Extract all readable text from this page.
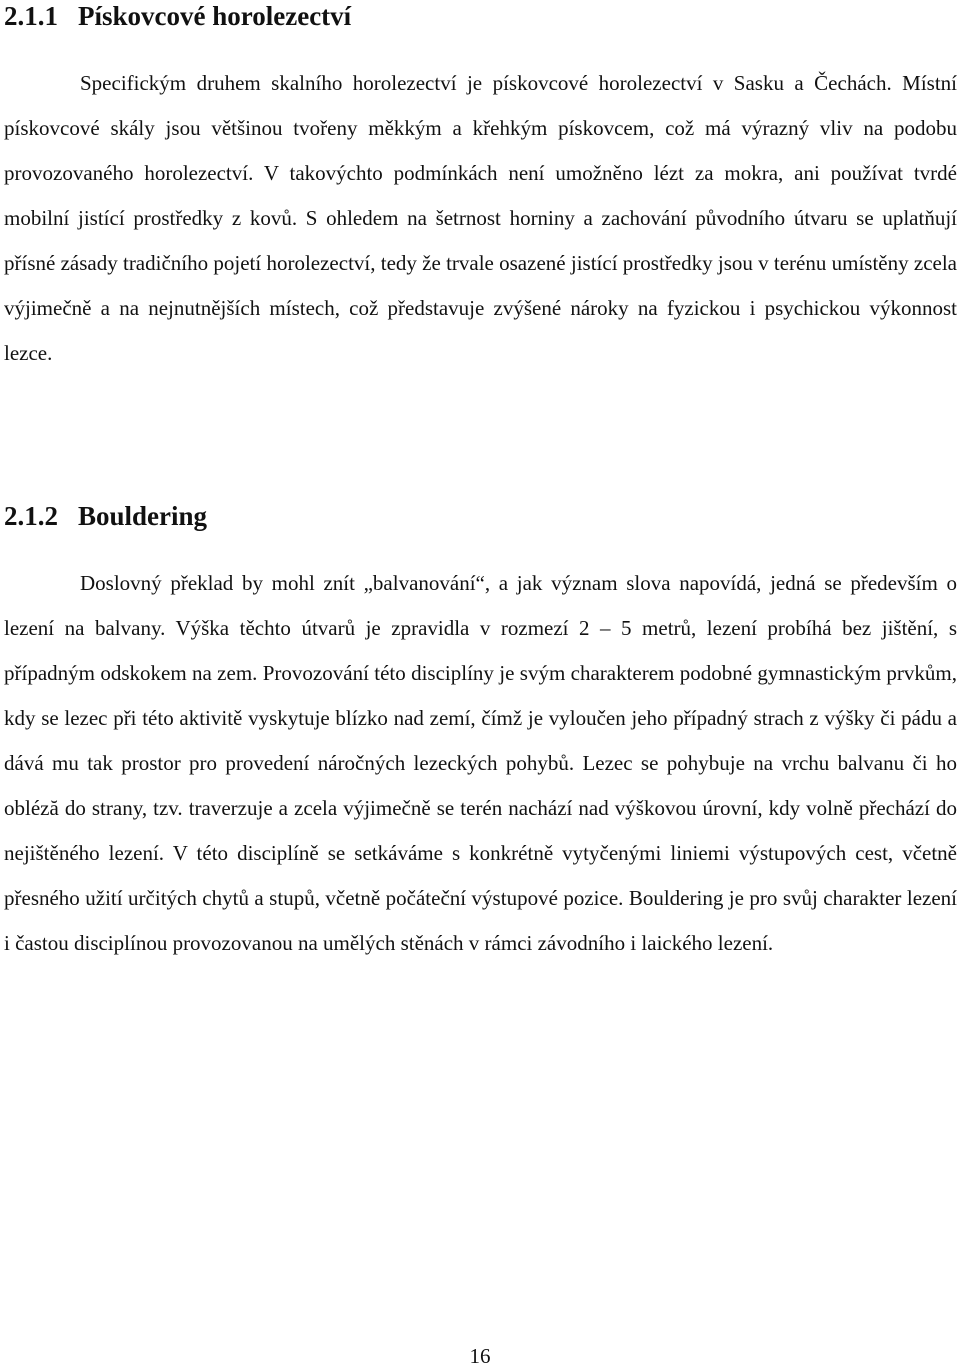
2.1.1 Pískovcové horolezectví

Specifickým druhem skalního horolezectví je pískovcové horolezectví v Sasku a Čechách. Místní pískovcové skály jsou většinou tvořeny měkkým a křehkým pískovcem, což má výrazný vliv na podobu provozovaného horolezectví. V takovýchto podmínkách není umožněno lézt za mokra, ani používat tvrdé mobilní jistící prostředky z kovů. S ohledem na šetrnost horniny a zachování původního útvaru se uplatňují přísné zásady tradičního pojetí horolezectví, tedy že trvale osazené jistící prostředky jsou v terénu umístěny zcela výjimečně a na nejnutnějších místech, což představuje zvýšené nároky na fyzickou i psychickou výkonnost lezce.

2.1.2 Bouldering

Doslovný překlad by mohl znít „balvanování“, a jak význam slova napovídá, jedná se především o lezení na balvany. Výška těchto útvarů je zpravidla v rozmezí 2 – 5 metrů, lezení probíhá bez jištění, s případným odskokem na zem. Provozování této disciplíny je svým charakterem podobné gymnastickým prvkům, kdy se lezec při této aktivitě vyskytuje blízko nad zemí, čímž je vyloučen jeho případný strach z výšky či pádu a dává mu tak prostor pro provedení náročných lezeckých pohybů. Lezec se pohybuje na vrchu balvanu či ho obléză do strany, tzv. traverzuje a zcela výjimečně se terén nachází nad výškovou úrovní, kdy volně přechází do nejištěného lezení. V této disciplíně se setkáváme s konkrétně vytyčenými liniemi výstupových cest, včetně přesného užití určitých chytů a stupů, včetně počáteční výstupové pozice. Bouldering je pro svůj charakter lezení i častou disciplínou provozovanou na umělých stěnách v rámci závodního i laického lezení.

16
